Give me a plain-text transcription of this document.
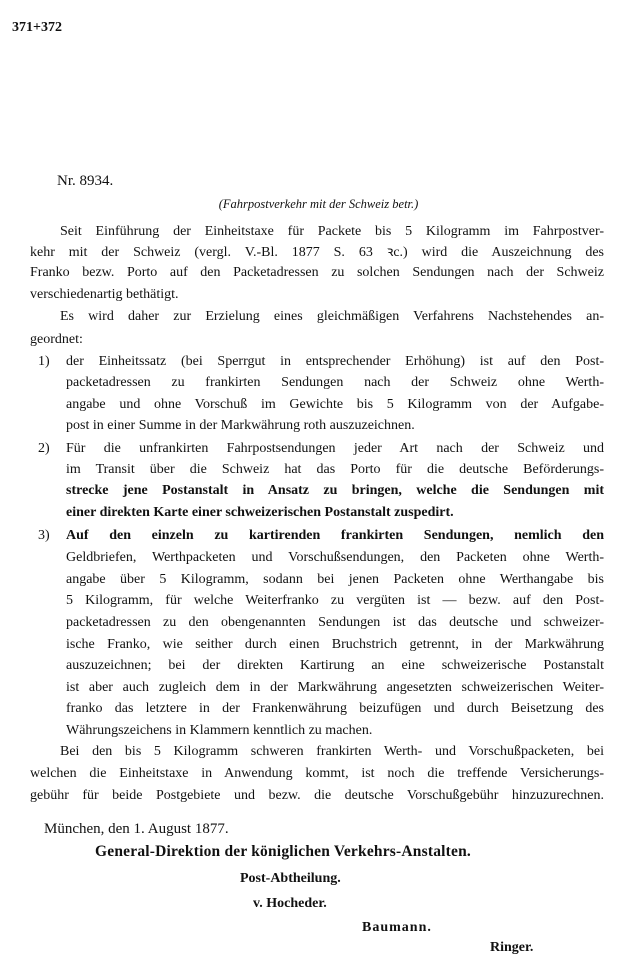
371+372
Nr. 8934.
(Fahrpostverkehr mit der Schweiz betr.)
Seit Einführung der Einheitstaxe für Packete bis 5 Kilogramm im Fahrpostver-
kehr mit der Schweiz (vergl. V.-Bl. 1877 S. 63 ꝛc.) wird die Auszeichnung des
Franko bezw. Porto auf den Packetadressen zu solchen Sendungen nach der Schweiz
verschiedenartig bethätigt.
Es wird daher zur Erzielung eines gleichmäßigen Verfahrens Nachstehendes an-
geordnet:
1) der Einheitssatz (bei Sperrgut in entsprechender Erhöhung) ist auf den Post-
packetadressen zu frankirten Sendungen nach der Schweiz ohne Werth-
angabe und ohne Vorschuß im Gewichte bis 5 Kilogramm von der Aufgabe-
post in einer Summe in der Markwährung roth auszuzeichnen.
2) Für die unfrankirten Fahrpostsendungen jeder Art nach der Schweiz und
im Transit über die Schweiz hat das Porto für die deutsche Beförderungs-
strecke jene Postanstalt in Ansatz zu bringen, welche die Sendungen mit
einer direkten Karte einer schweizerischen Postanstalt zuspedirt.
3) Auf den einzeln zu kartirenden frankirten Sendungen, nemlich den
Geldbriefen, Werthpacketen und Vorschußsendungen, den Packeten ohne Werth-
angabe über 5 Kilogramm, sodann bei jenen Packeten ohne Werthangabe bis
5 Kilogramm, für welche Weiterfranko zu vergüten ist — bezw. auf den Post-
packetadressen zu den obengenannten Sendungen ist das deutsche und schweizer-
ische Franko, wie seither durch einen Bruchstrich getrennt, in der Markwährung
auszuzeichnen; bei der direkten Kartirung an eine schweizerische Postanstalt
ist aber auch zugleich dem in der Markwährung angesetzten schweizerischen Weiter-
franko das letztere in der Frankenwährung beizufügen und durch Beisetzung des
Währungszeichens in Klammern kenntlich zu machen.
Bei den bis 5 Kilogramm schweren frankirten Werth- und Vorschußpacketen, bei
welchen die Einheitstaxe in Anwendung kommt, ist noch die treffende Versicherungs-
gebühr für beide Postgebiete und bezw. die deutsche Vorschußgebühr hinzuzurechnen.
München, den 1. August 1877.
General-Direktion der königlichen Verkehrs-Anstalten.
Post-Abtheilung.
v. Hocheder.
Baumann.
Ringer.
